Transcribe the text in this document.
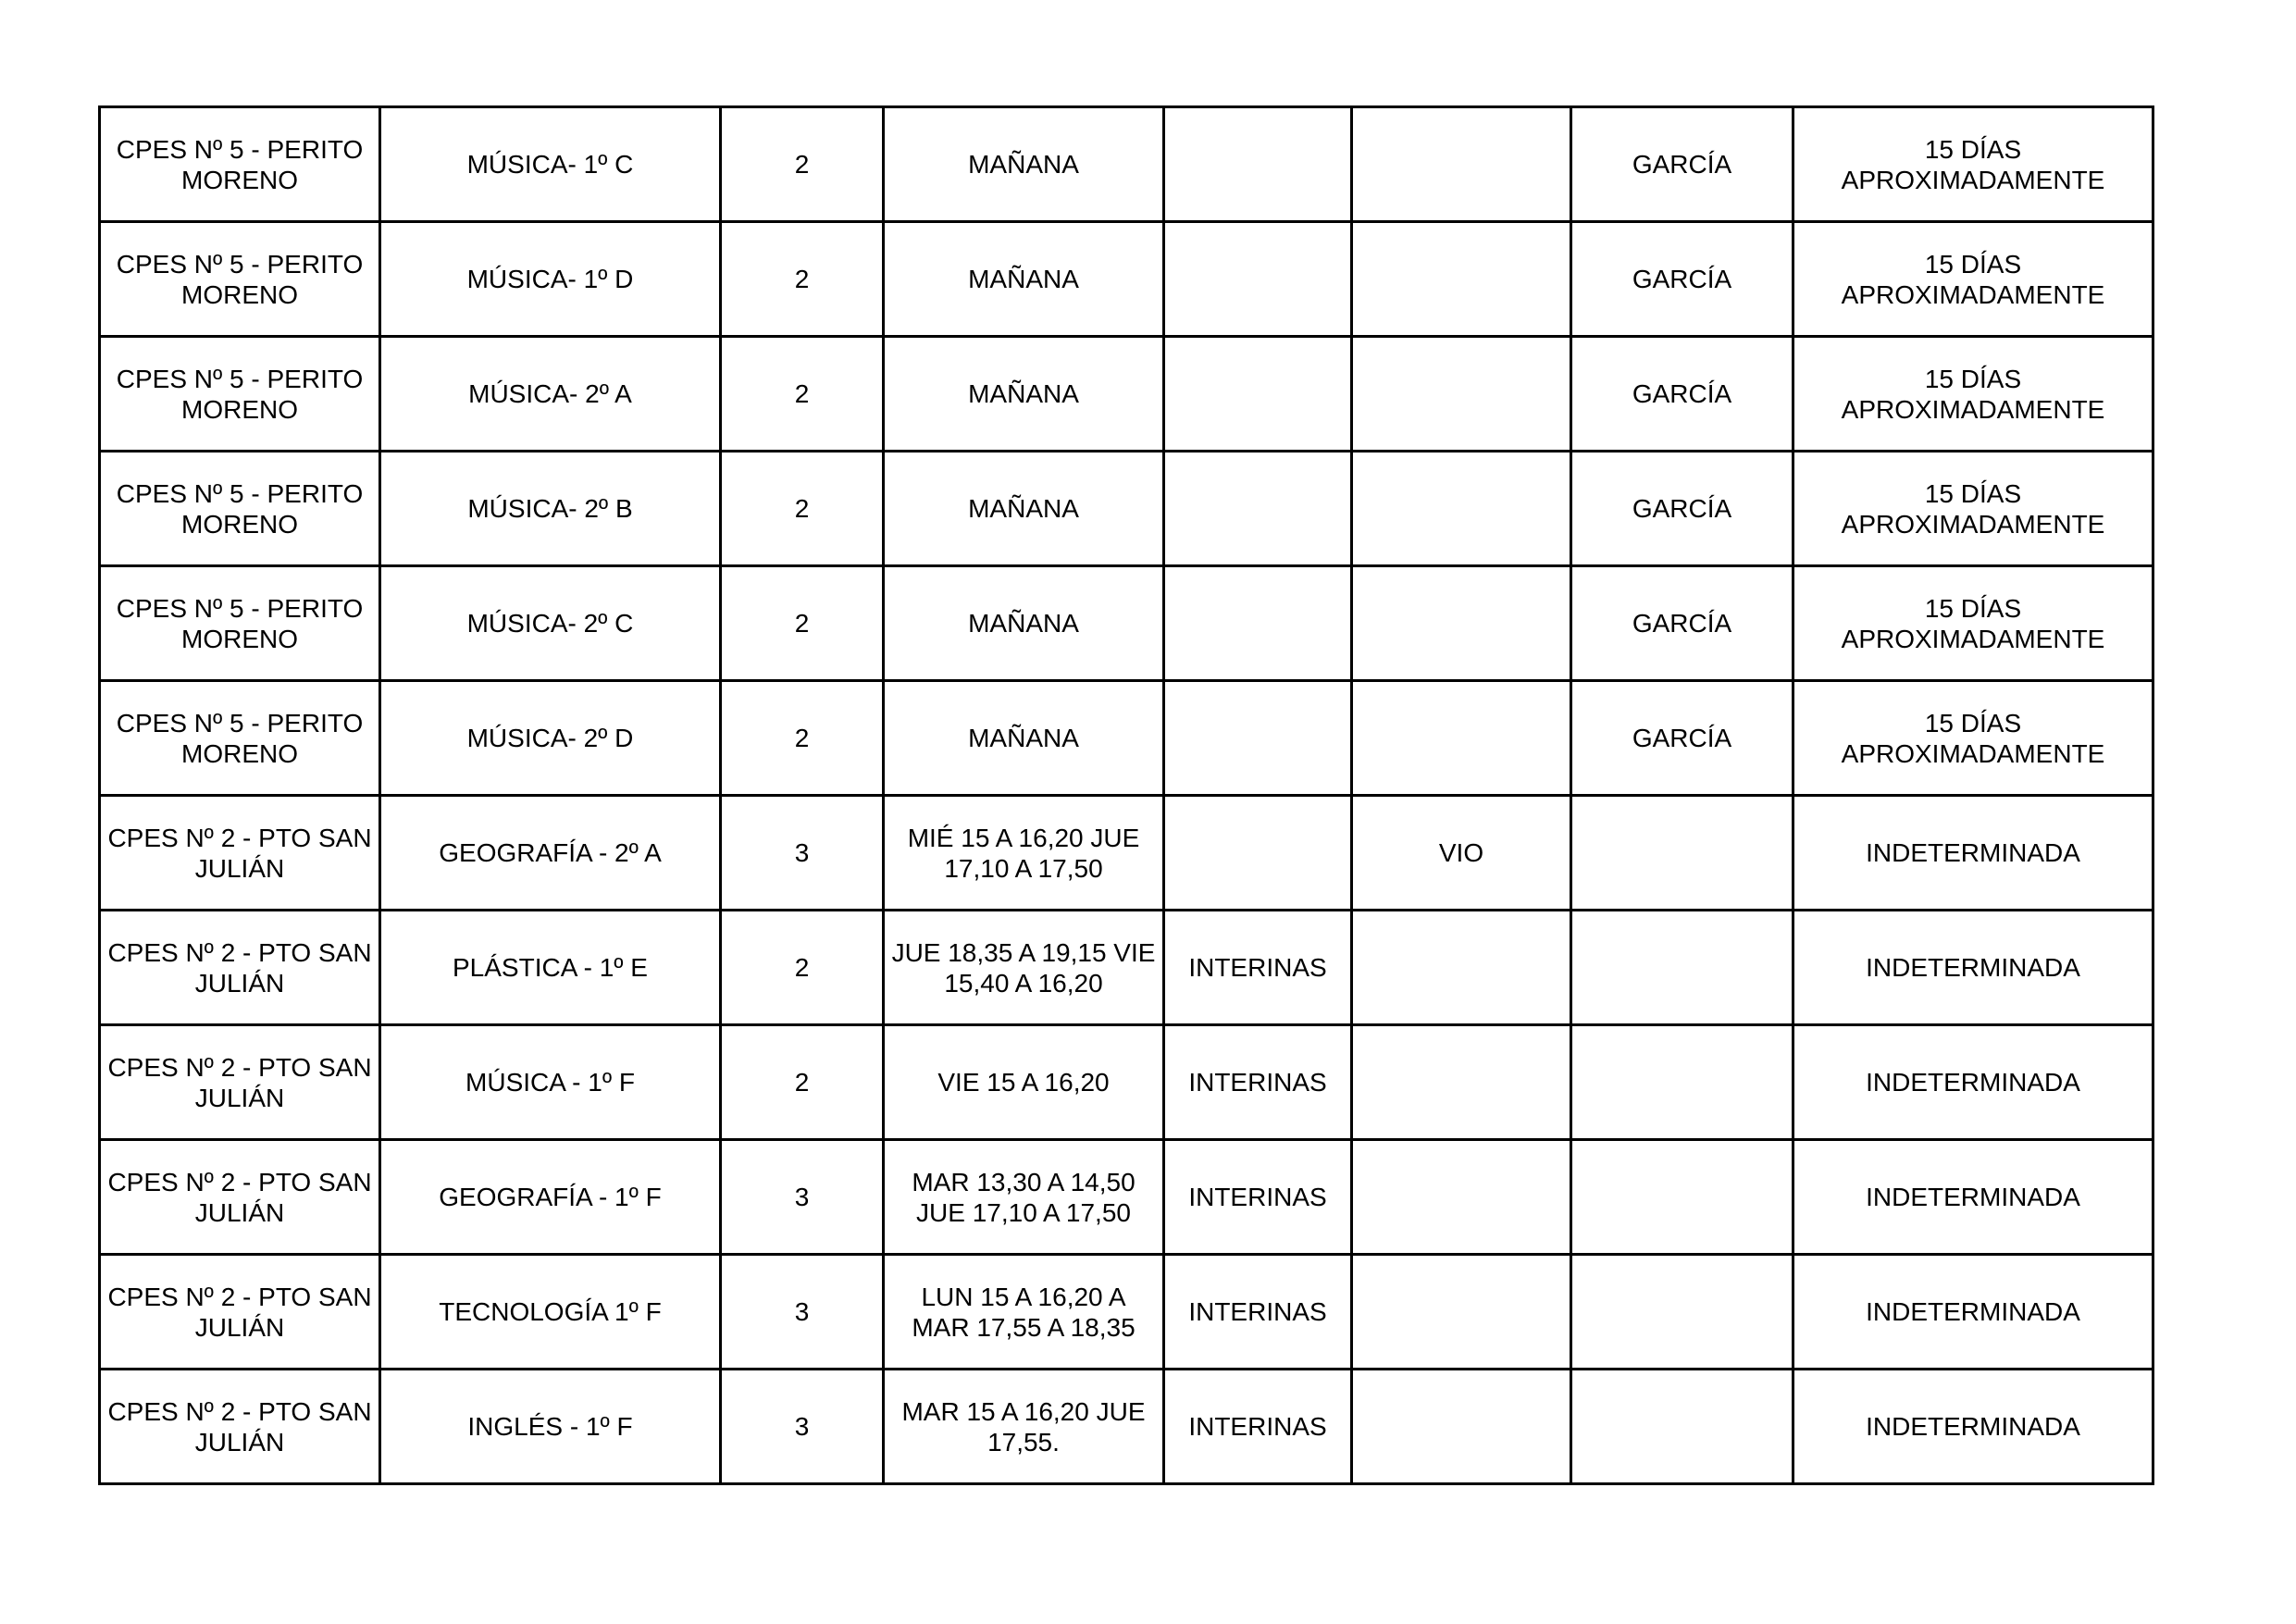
CPES Nº 5 - PERITO MORENO	MÚSICA- 1º C	2	MAÑANA			GARCÍA	15 DÍAS APROXIMADAMENTE
CPES Nº 5 - PERITO MORENO	MÚSICA- 1º D	2	MAÑANA			GARCÍA	15 DÍAS APROXIMADAMENTE
CPES Nº 5 - PERITO MORENO	MÚSICA- 2º A	2	MAÑANA			GARCÍA	15 DÍAS APROXIMADAMENTE
CPES Nº 5 - PERITO MORENO	MÚSICA- 2º B	2	MAÑANA			GARCÍA	15 DÍAS APROXIMADAMENTE
CPES Nº 5 - PERITO MORENO	MÚSICA- 2º C	2	MAÑANA			GARCÍA	15 DÍAS APROXIMADAMENTE
CPES Nº 5 - PERITO MORENO	MÚSICA- 2º D	2	MAÑANA			GARCÍA	15 DÍAS APROXIMADAMENTE
CPES Nº 2 - PTO SAN JULIÁN	GEOGRAFÍA - 2º A	3	MIÉ 15 A 16,20 JUE 17,10 A 17,50		VIO		INDETERMINADA
CPES Nº 2 - PTO SAN JULIÁN	PLÁSTICA - 1º E	2	JUE 18,35 A 19,15 VIE 15,40 A 16,20	INTERINAS			INDETERMINADA
CPES Nº 2 - PTO SAN JULIÁN	MÚSICA - 1º F	2	VIE 15 A 16,20	INTERINAS			INDETERMINADA
CPES Nº 2 - PTO SAN JULIÁN	GEOGRAFÍA - 1º F	3	MAR 13,30 A 14,50 JUE 17,10 A 17,50	INTERINAS			INDETERMINADA
CPES Nº 2 - PTO SAN JULIÁN	TECNOLOGÍA 1º F	3	LUN 15 A 16,20 A MAR 17,55 A 18,35	INTERINAS			INDETERMINADA
CPES Nº 2 - PTO SAN JULIÁN	INGLÉS - 1º F	3	MAR 15 A 16,20 JUE 17,55.	INTERINAS			INDETERMINADA
